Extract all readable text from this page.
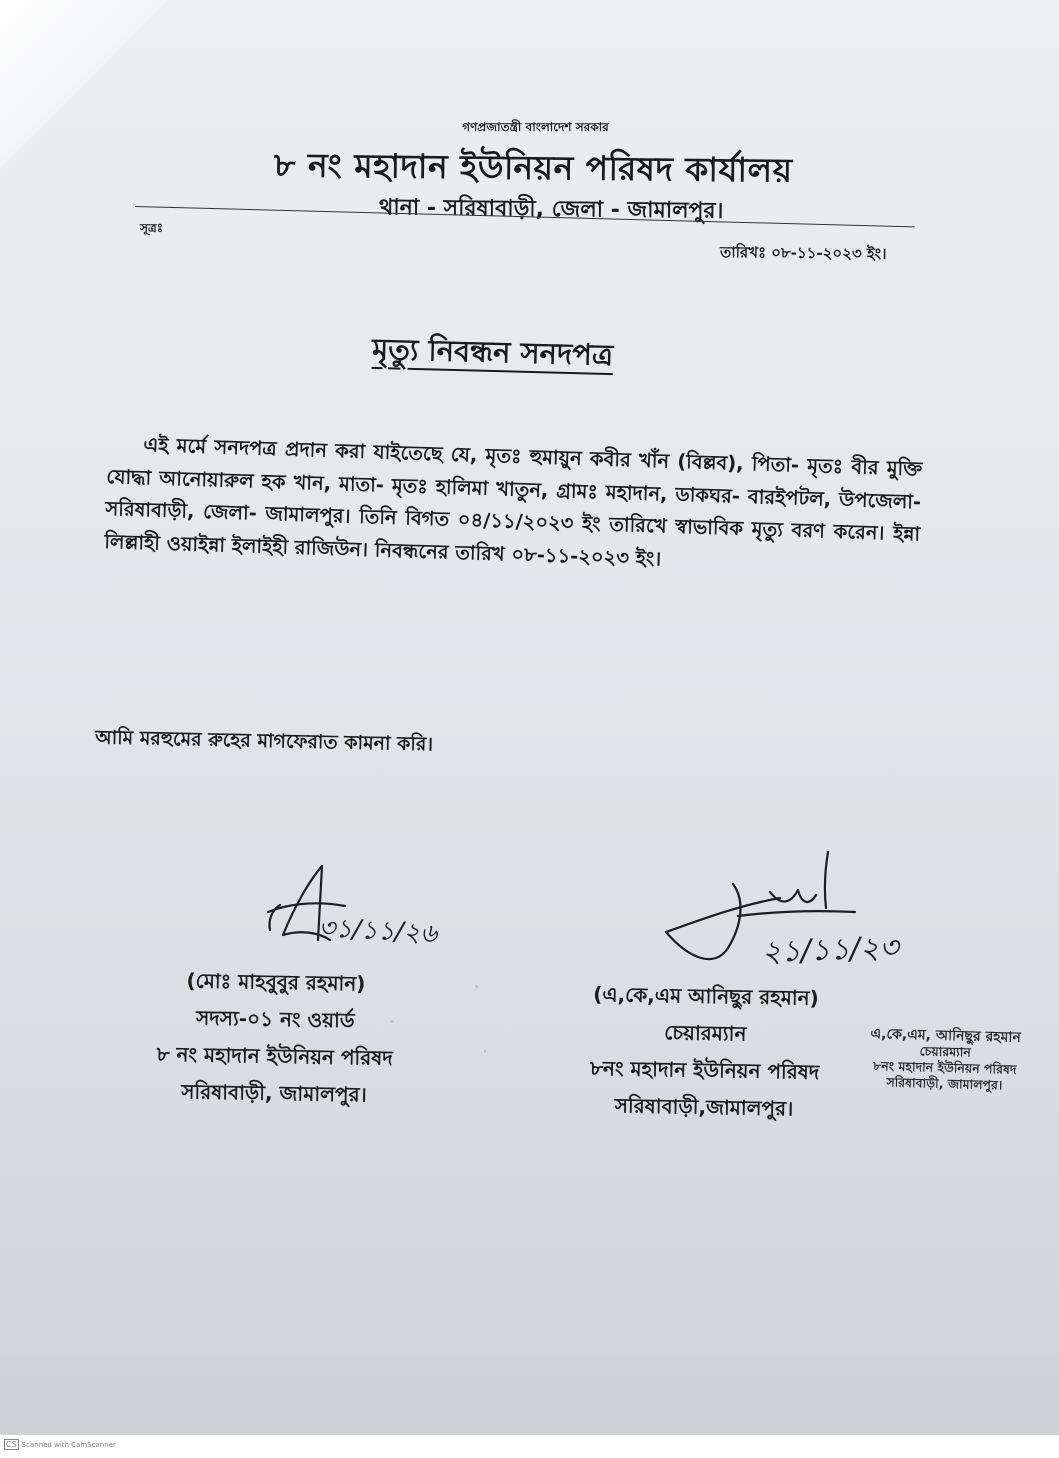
গণপ্রজাতন্ত্রী বাংলাদেশ সরকার
৮ নং মহাদান ইউনিয়ন পরিষদ কার্যালয়
থানা - সরিষাবাড়ী, জেলা - জামালপুর।
সূত্রঃ
তারিখঃ ০৮-১১-২০২৩ ইং।
মৃত্যু নিবন্ধন সনদপত্র
এই মর্মে সনদপত্র প্রদান করা যাইতেছে যে, মৃতঃ হুমায়ুন কবীর খাঁন (বিল্লব), পিতা- মৃতঃ বীর মুক্তি যোদ্ধা আনোয়ারুল হক খান, মাতা- মৃতঃ হালিমা খাতুন, গ্রামঃ মহাদান, ডাকঘর- বারইপটল, উপজেলা- সরিষাবাড়ী, জেলা- জামালপুর। তিনি বিগত ০৪/১১/২০২৩ ইং তারিখে স্বাভাবিক মৃত্যু বরণ করেন। ইন্না লিল্লাহী ওয়াইন্না ইলাইহী রাজিউন। নিবন্ধনের তারিখ ০৮-১১-২০২৩ ইং।
আমি মরহুমের রুহের মাগফেরাত কামনা করি।
৩১/১১/২৬	২১/১১/২৩
(মোঃ মাহবুবুর রহমান)
সদস্য-০১ নং ওয়ার্ড
৮ নং মহাদান ইউনিয়ন পরিষদ
সরিষাবাড়ী, জামালপুর।
(এ,কে,এম আনিছুর রহমান)
চেয়ারম্যান
৮নং মহাদান ইউনিয়ন পরিষদ
সরিষাবাড়ী,জামালপুর।
এ,কে,এম, আনিছুর রহমান
চেয়ারম্যান
৮নং মহাদান ইউনিয়ন পরিষদ
সরিষাবাড়ী, জামালপুর।
CS Scanned with CamScanner
